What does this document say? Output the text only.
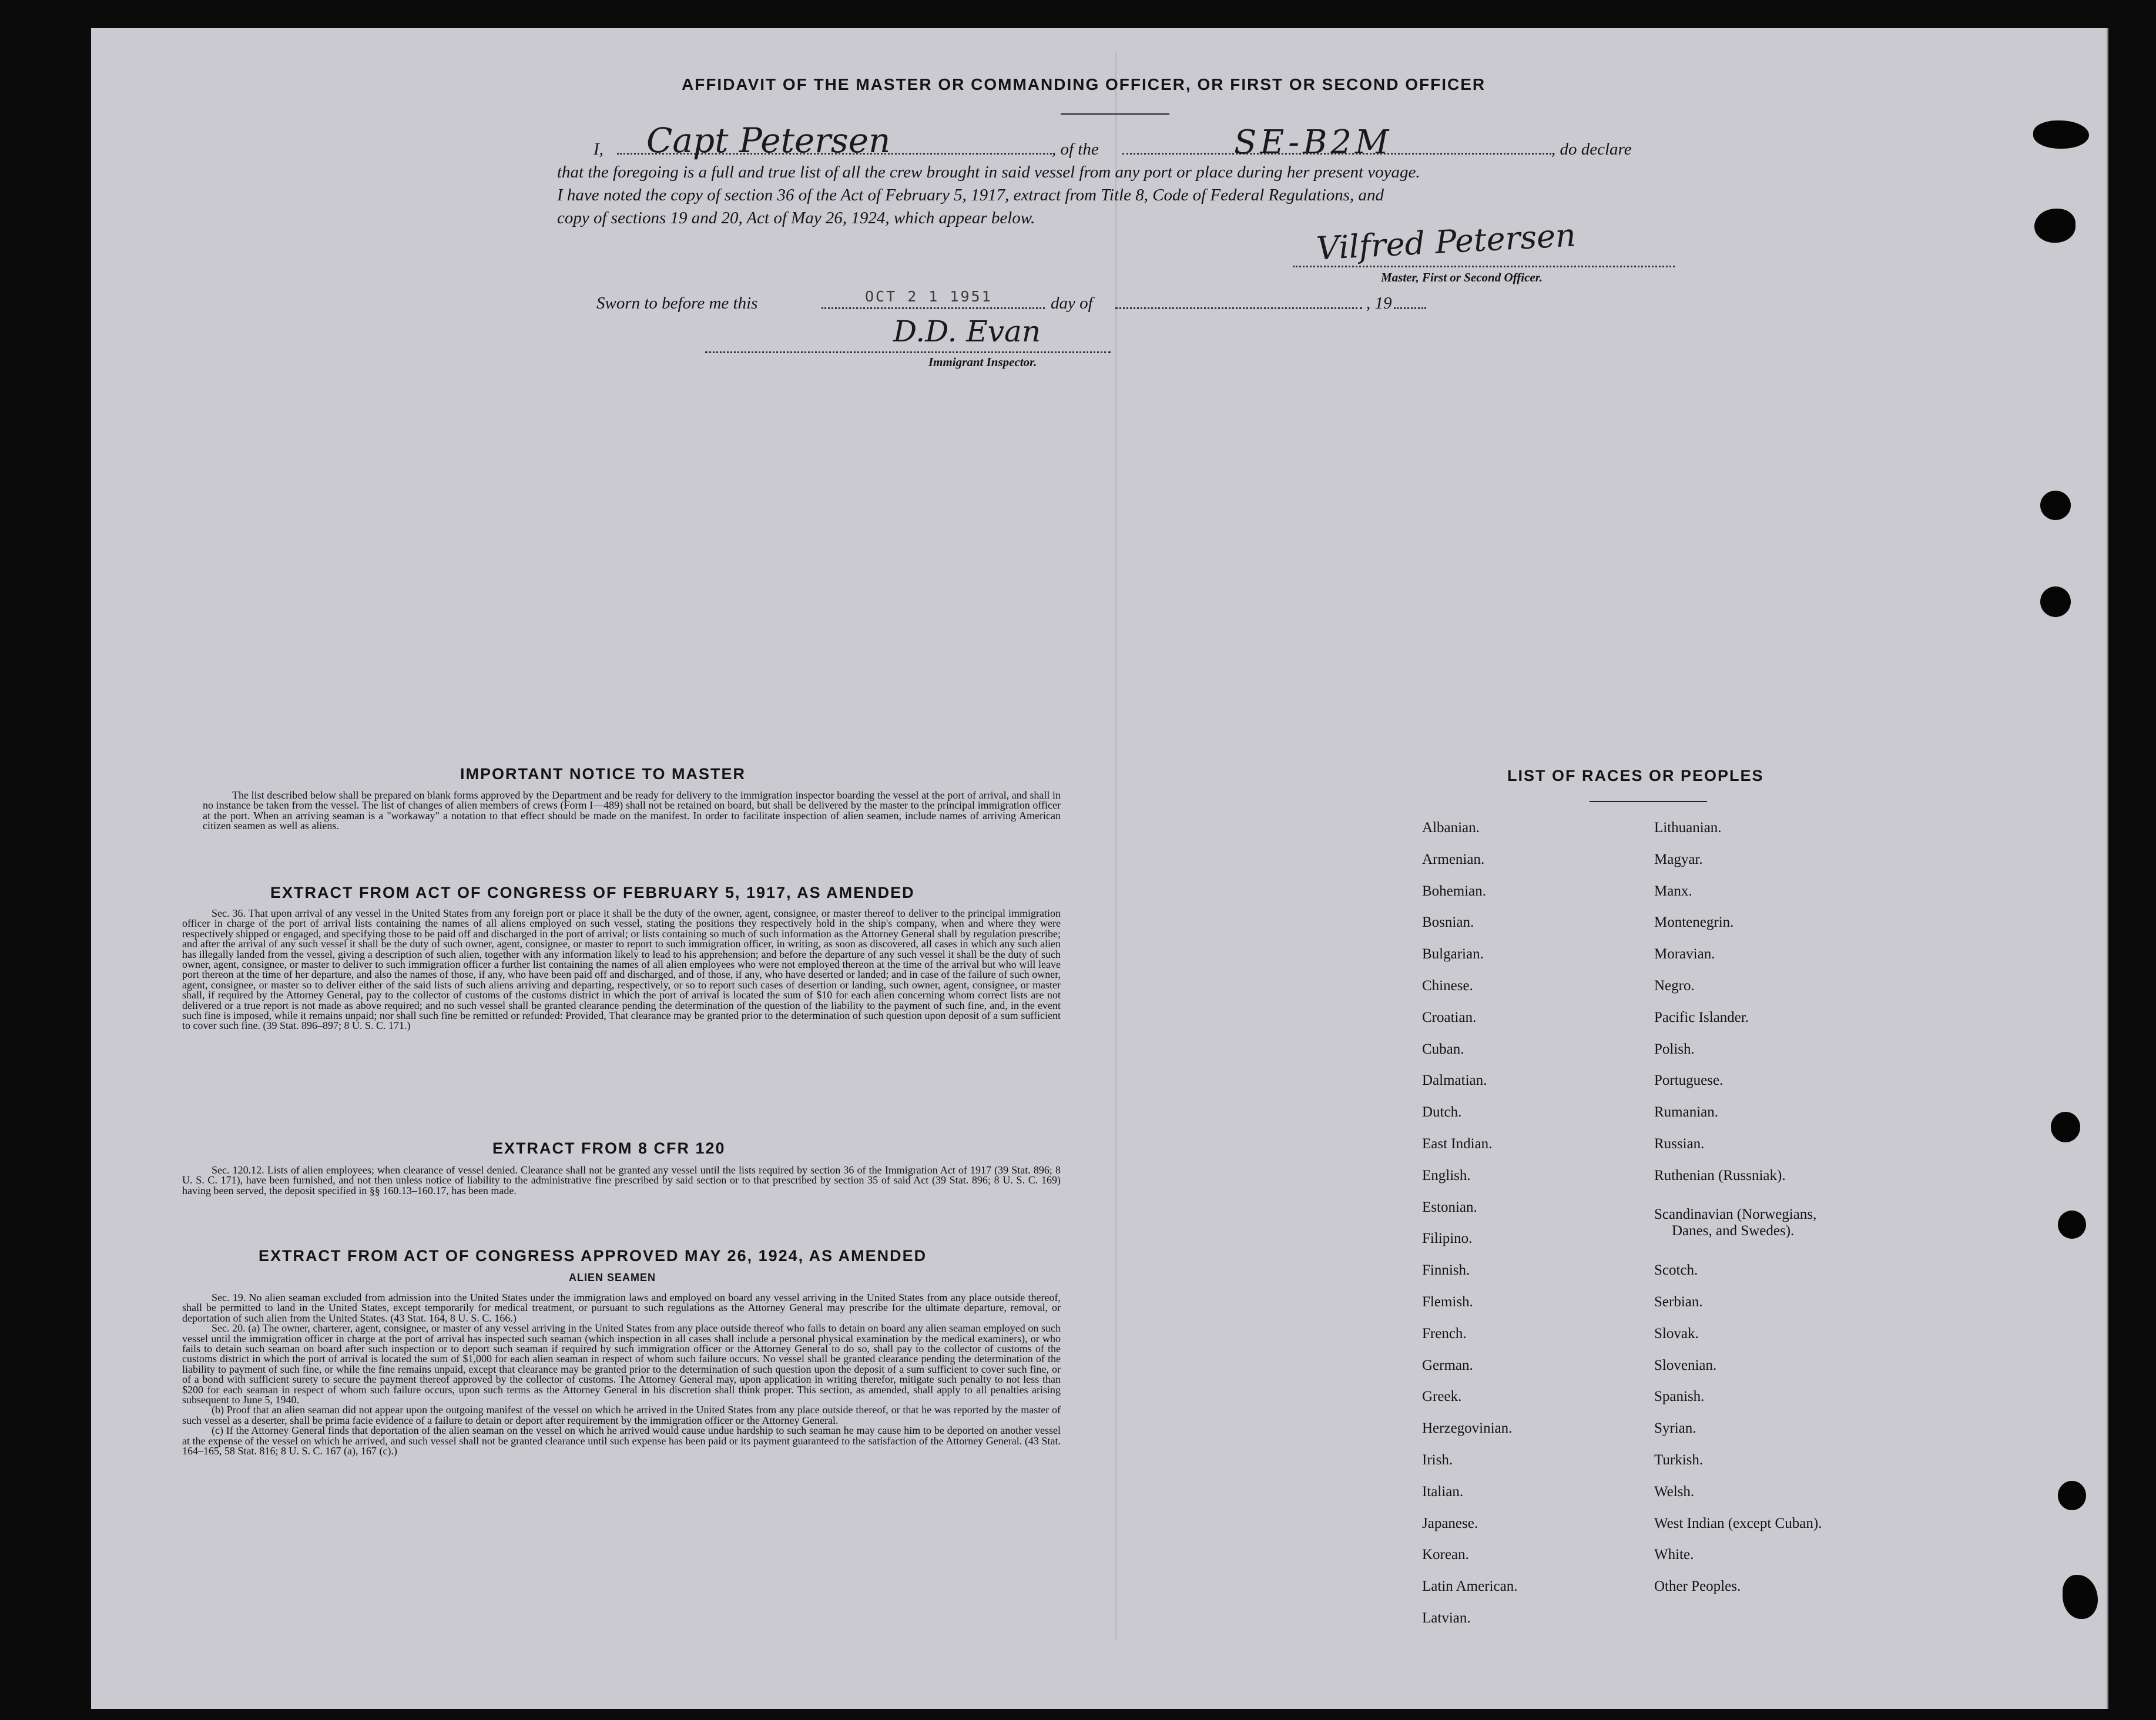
AFFIDAVIT OF THE MASTER OR COMMANDING OFFICER, OR FIRST OR SECOND OFFICER
I, Capt Petersen	, of the	SE-B2M	, do declare
that the foregoing is a full and true list of all the crew brought in said vessel from any port or place during her present voyage.
I have noted the copy of section 36 of the Act of February 5, 1917, extract from Title 8, Code of Federal Regulations, and
copy of sections 19 and 20, Act of May 26, 1924, which appear below.	Vilfred Petersen
Master, First or Second Officer.
Sworn to before me this	OCT 2 1 1951	day of	, 19
D.D. Evan
Immigrant Inspector.
IMPORTANT NOTICE TO MASTER

The list described below shall be prepared on blank forms approved by the Department and be ready for delivery to the immigration inspector boarding the vessel at the port of arrival, and shall in no instance be taken from the vessel. The list of changes of alien members of crews (Form I—489) shall not be retained on board, but shall be delivered by the master to the principal immigration officer at the port. When an arriving seaman is a "workaway" a notation to that effect should be made on the manifest. In order to facilitate inspection of alien seamen, include names of arriving American citizen seamen as well as aliens.

EXTRACT FROM ACT OF CONGRESS OF FEBRUARY 5, 1917, AS AMENDED

Sec. 36. That upon arrival of any vessel in the United States from any foreign port or place it shall be the duty of the owner, agent, consignee, or master thereof to deliver to the principal immigration officer in charge of the port of arrival lists containing the names of all aliens employed on such vessel, stating the positions they respectively hold in the ship's company, when and where they were respectively shipped or engaged, and specifying those to be paid off and discharged in the port of arrival; or lists containing so much of such information as the Attorney General shall by regulation prescribe; and after the arrival of any such vessel it shall be the duty of such owner, agent, consignee, or master to report to such immigration officer, in writing, as soon as discovered, all cases in which any such alien has illegally landed from the vessel, giving a description of such alien, together with any information likely to lead to his apprehension; and before the departure of any such vessel it shall be the duty of such owner, agent, consignee, or master to deliver to such immigration officer a further list containing the names of all alien employees who were not employed thereon at the time of the arrival but who will leave port thereon at the time of her departure, and also the names of those, if any, who have been paid off and discharged, and of those, if any, who have deserted or landed; and in case of the failure of such owner, agent, consignee, or master so to deliver either of the said lists of such aliens arriving and departing, respectively, or so to report such cases of desertion or landing, such owner, agent, consignee, or master shall, if required by the Attorney General, pay to the collector of customs of the customs district in which the port of arrival is located the sum of $10 for each alien concerning whom correct lists are not delivered or a true report is not made as above required; and no such vessel shall be granted clearance pending the determination of the question of the liability to the payment of such fine, and, in the event such fine is imposed, while it remains unpaid; nor shall such fine be remitted or refunded: Provided, That clearance may be granted prior to the determination of such question upon deposit of a sum sufficient to cover such fine. (39 Stat. 896–897; 8 U. S. C. 171.)

EXTRACT FROM 8 CFR 120

Sec. 120.12. Lists of alien employees; when clearance of vessel denied. Clearance shall not be granted any vessel until the lists required by section 36 of the Immigration Act of 1917 (39 Stat. 896; 8 U. S. C. 171), have been furnished, and not then unless notice of liability to the administrative fine prescribed by said section or to that prescribed by section 35 of said Act (39 Stat. 896; 8 U. S. C. 169) having been served, the deposit specified in §§ 160.13–160.17, has been made.

EXTRACT FROM ACT OF CONGRESS APPROVED MAY 26, 1924, AS AMENDED
ALIEN SEAMEN

Sec. 19. No alien seaman excluded from admission into the United States under the immigration laws and employed on board any vessel arriving in the United States from any place outside thereof, shall be permitted to land in the United States, except temporarily for medical treatment, or pursuant to such regulations as the Attorney General may prescribe for the ultimate departure, removal, or deportation of such alien from the United States. (43 Stat. 164, 8 U. S. C. 166.)

Sec. 20. (a) The owner, charterer, agent, consignee, or master of any vessel arriving in the United States from any place outside thereof who fails to detain on board any alien seaman employed on such vessel until the immigration officer in charge at the port of arrival has inspected such seaman (which inspection in all cases shall include a personal physical examination by the medical examiners), or who fails to detain such seaman on board after such inspection or to deport such seaman if required by such immigration officer or the Attorney General to do so, shall pay to the collector of customs of the customs district in which the port of arrival is located the sum of $1,000 for each alien seaman in respect of whom such failure occurs. No vessel shall be granted clearance pending the determination of the liability to payment of such fine, or while the fine remains unpaid, except that clearance may be granted prior to the determination of such question upon the deposit of a sum sufficient to cover such fine, or of a bond with sufficient surety to secure the payment thereof approved by the collector of customs. The Attorney General may, upon application in writing therefor, mitigate such penalty to not less than $200 for each seaman in respect of whom such failure occurs, upon such terms as the Attorney General in his discretion shall think proper. This section, as amended, shall apply to all penalties arising subsequent to June 5, 1940.

(b) Proof that an alien seaman did not appear upon the outgoing manifest of the vessel on which he arrived in the United States from any place outside thereof, or that he was reported by the master of such vessel as a deserter, shall be prima facie evidence of a failure to detain or deport after requirement by the immigration officer or the Attorney General.

(c) If the Attorney General finds that deportation of the alien seaman on the vessel on which he arrived would cause undue hardship to such seaman he may cause him to be deported on another vessel at the expense of the vessel on which he arrived, and such vessel shall not be granted clearance until such expense has been paid or its payment guaranteed to the satisfaction of the Attorney General. (43 Stat. 164–165, 58 Stat. 816; 8 U. S. C. 167 (a), 167 (c).)

LIST OF RACES OR PEOPLES
Albanian.
Armenian.
Bohemian.
Bosnian.
Bulgarian.
Chinese.
Croatian.
Cuban.
Dalmatian.
Dutch.
East Indian.
English.
Estonian.
Filipino.
Finnish.
Flemish.
French.
German.
Greek.
Herzegovinian.
Irish.
Italian.
Japanese.
Korean.
Latin American.
Latvian.
Lithuanian.
Magyar.
Manx.
Montenegrin.
Moravian.
Negro.
Pacific Islander.
Polish.
Portuguese.
Rumanian.
Russian.
Ruthenian (Russniak).
Scandinavian (Norwegians,
Danes, and Swedes).
Scotch.
Serbian.
Slovak.
Slovenian.
Spanish.
Syrian.
Turkish.
Welsh.
West Indian (except Cuban).
White.
Other Peoples.
